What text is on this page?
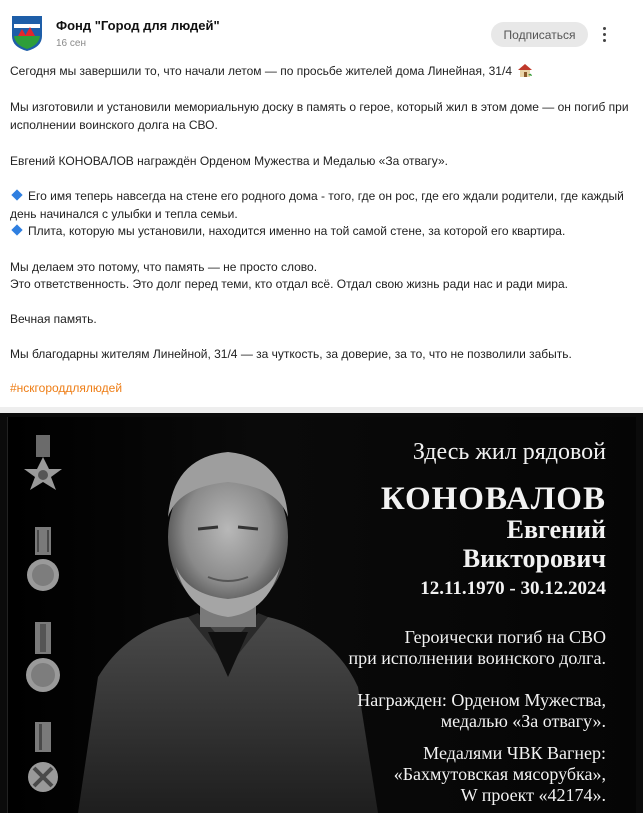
Фонд "Город для людей"
16 сен
Подписаться
Сегодня мы завершили то, что начали летом — по просьбе жителей дома Линейная, 31/4
Мы изготовили и установили мемориальную доску в память о герое, который жил в этом доме — он погиб при исполнении воинского долга на СВО.
Евгений КОНОВАЛОВ награждён Орденом Мужества и Медалью «За отвагу».
Его имя теперь навсегда на стене его родного дома - того, где он рос, где его ждали родители, где каждый день начинался с улыбки и тепла семьи.
Плита, которую мы установили, находится именно на той самой стене, за которой его квартира.
Мы делаем это потому, что память — не просто слово.
Это ответственность. Это долг перед теми, кто отдал всё. Отдал свою жизнь ради нас и ради мира.
Вечная память.
Мы благодарны жителям Линейной, 31/4 — за чуткость, за доверие, за то, что не позволили забыть.
#нскгороддлялюдей
Здесь жил рядовой
КОНОВАЛОВ
Евгений
Викторович
12.11.1970 - 30.12.2024
Героически погиб на СВО
при исполнении воинского долга.
Награжден: Орденом Мужества,
медалью «За отвагу».
Медалями ЧВК Вагнер:
«Бахмутовская мясорубка»,
W проект «42174».
